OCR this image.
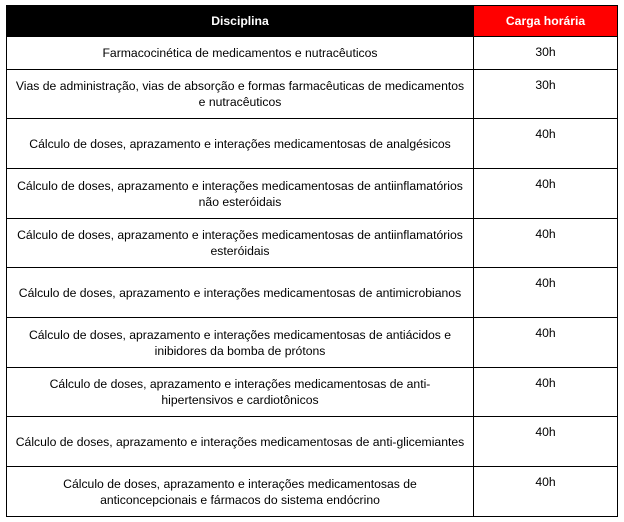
Disciplina	Carga horária
Farmacocinética de medicamentos e nutracêuticos	30h
Vias de administração, vias de absorção e formas farmacêuticas de medicamentos e nutracêuticos	30h
Cálculo de doses, aprazamento e interações medicamentosas de analgésicos	40h
Cálculo de doses, aprazamento e interações medicamentosas de antiinflamatórios não esteróidais	40h
Cálculo de doses, aprazamento e interações medicamentosas de antiinflamatórios esteróidais	40h
Cálculo de doses, aprazamento e interações medicamentosas de antimicrobianos	40h
Cálculo de doses, aprazamento e interações medicamentosas de antiácidos e inibidores da bomba de prótons	40h
Cálculo de doses, aprazamento e interações medicamentosas de anti-hipertensivos e cardiotônicos	40h
Cálculo de doses, aprazamento e interações medicamentosas de anti-glicemiantes	40h
Cálculo de doses, aprazamento e interações medicamentosas de anticoncepcionais e fármacos do sistema endócrino	40h
